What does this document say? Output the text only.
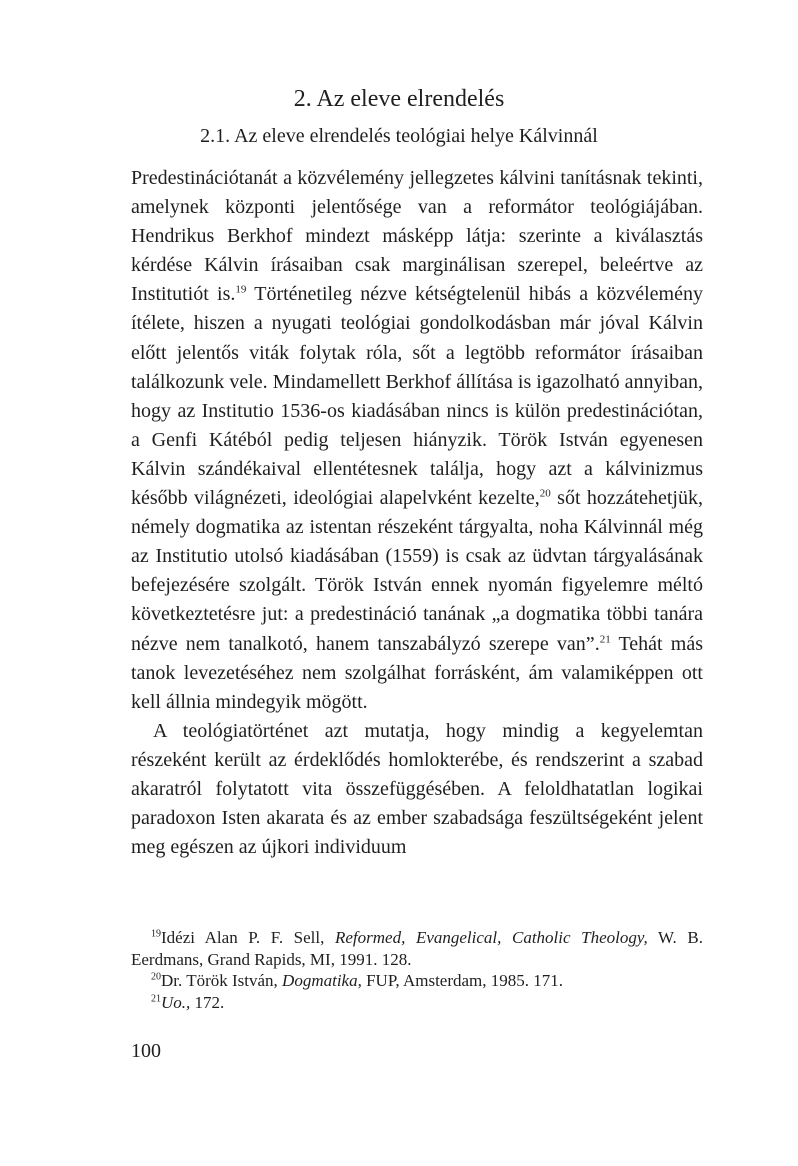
2. Az eleve elrendelés
2.1. Az eleve elrendelés teológiai helye Kálvinnál

Predestinációtanát a közvélemény jellegzetes kálvini tanításnak tekinti, amelynek központi jelentősége van a reformátor teológiájában. Hendrikus Berkhof mindezt másképp látja: szerinte a kiválasztás kérdése Kálvin írásaiban csak marginálisan szerepel, beleértve az Institutiót is.$^{19}$ Történetileg nézve kétségtelenül hibás a közvélemény ítélete, hiszen a nyugati teológiai gondolkodásban már jóval Kálvin előtt jelentős viták folytak róla, sőt a legtöbb reformátor írásaiban találkozunk vele. Mindamellett Berkhof állítása is igazolható annyiban, hogy az Institutio 1536-os kiadásában nincs is külön predestinációtan, a Genfi Kátéból pedig teljesen hiányzik. Török István egyenesen Kálvin szándékaival ellentétesnek találja, hogy azt a kálvinizmus később világnézeti, ideológiai alapelvként kezelte,$^{20}$ sőt hozzátehetjük, némely dogmatika az istentan részeként tárgyalta, noha Kálvinnál még az Institutio utolsó kiadásában (1559) is csak az üdvtan tárgyalásának befejezésére szolgált. Török István ennek nyomán figyelemre méltó következtetésre jut: a predestináció tanának „a dogmatika többi tanára nézve nem tanalkotó, hanem tanszabályzó szerepe van”.$^{21}$ Tehát más tanok levezetéséhez nem szolgálhat forrásként, ám valamiképpen ott kell állnia mindegyik mögött.

A teológiatörténet azt mutatja, hogy mindig a kegyelemtan részeként került az érdeklődés homlokterébe, és rendszerint a szabad akaratról folytatott vita összefüggésében. A feloldhatatlan logikai paradoxon Isten akarata és az ember szabadsága feszültségeként jelent meg egészen az újkori individuum

$^{19}$Idézi Alan P. F. Sell, Reformed, Evangelical, Catholic Theology, W. B. Eerdmans, Grand Rapids, MI, 1991. 128.

$^{20}$Dr. Török István, Dogmatika, FUP, Amsterdam, 1985. 171.

$^{21}$Uo., 172.

100
